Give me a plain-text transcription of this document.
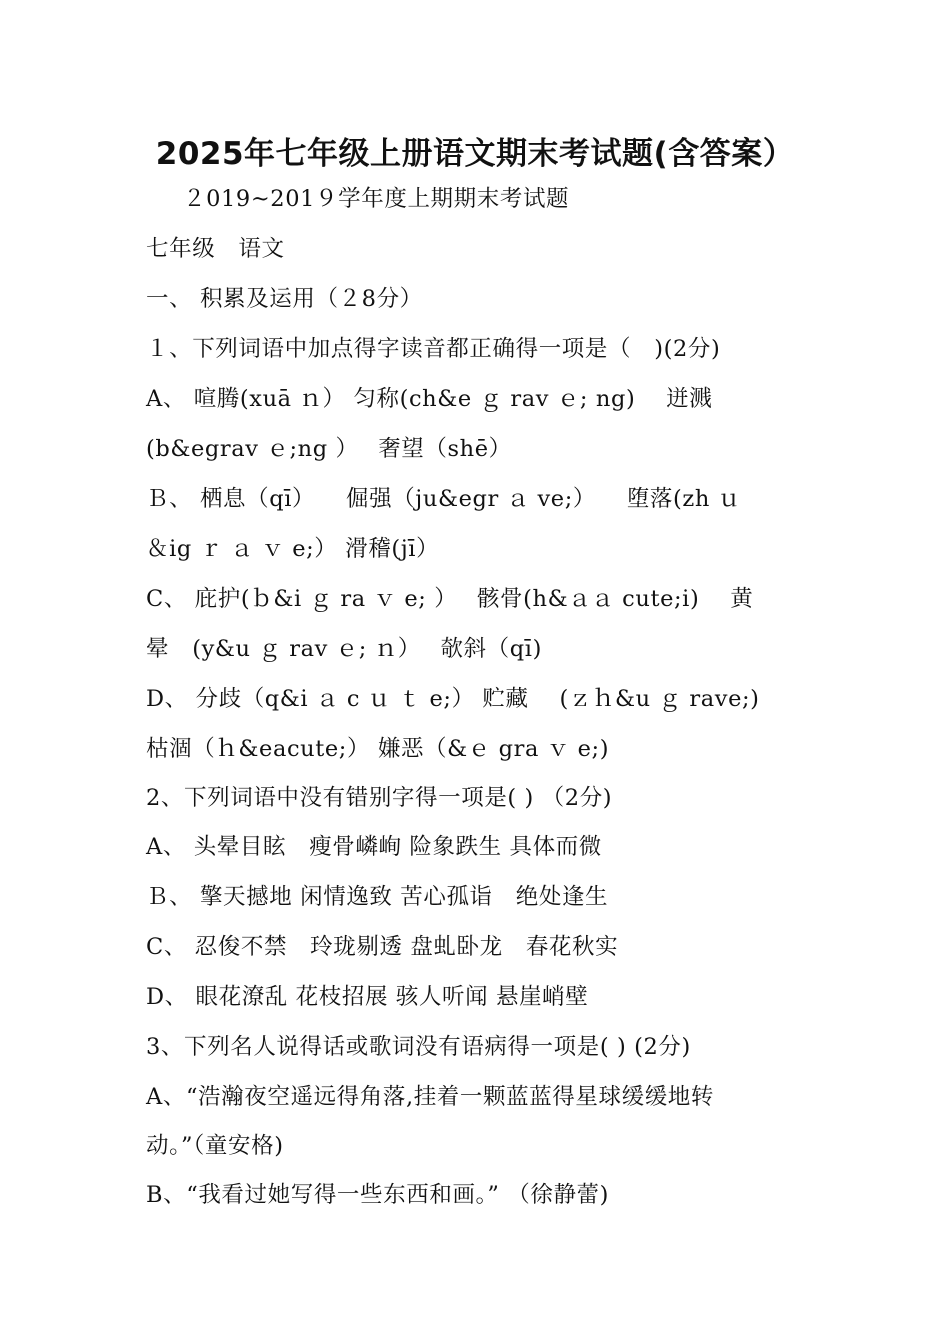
2025年七年级上册语文期末考试题(含答案）
２019~201９学年度上期期末考试题
七年级　语文
一、 积累及运用（２8分）
１、下列词语中加点得字读音都正确得一项是（　)(2分)
A、 喧腾(xuā ｎ） 匀称(ch&e ｇ rav ｅ; ng)　 迸溅
(b&egrav ｅ;ng ）　 奢望（shē）
Ｂ、 栖息（qī） 　倔强（ju&egr ａ ve;） 　堕落(zh ｕ
＆ig ｒ ａ ｖ e;） 滑稽(jī）
C、 庇护(ｂ&i ｇ ra ｖ e; ）　 骸骨(h&ａａ cute;i) 　黄
晕　(y&u ｇ rav ｅ; ｎ）　 欹斜（qī)
D、 分歧（q&i ａ c ｕ ｔ e;） 贮藏　 (ｚｈ&u ｇ rave;)
枯涸（ｈ&eacute;） 嫌恶（&ｅ gra ｖ e;)
2、下列词语中没有错别字得一项是( ) （2分)
A、 头晕目眩　瘦骨嶙峋 险象跌生 具体而微
Ｂ、 擎天撼地 闲情逸致 苦心孤诣　绝处逢生
C、 忍俊不禁　玲珑剔透 盘虬卧龙　春花秋实
D、 眼花潦乱 花枝招展 骇人听闻 悬崖峭壁
3、下列名人说得话或歌词没有语病得一项是( ) (2分)
A、“浩瀚夜空遥远得角落,挂着一颗蓝蓝得星球缓缓地转
动。”（童安格)
B、“我看过她写得一些东西和画。” （徐静蕾)
